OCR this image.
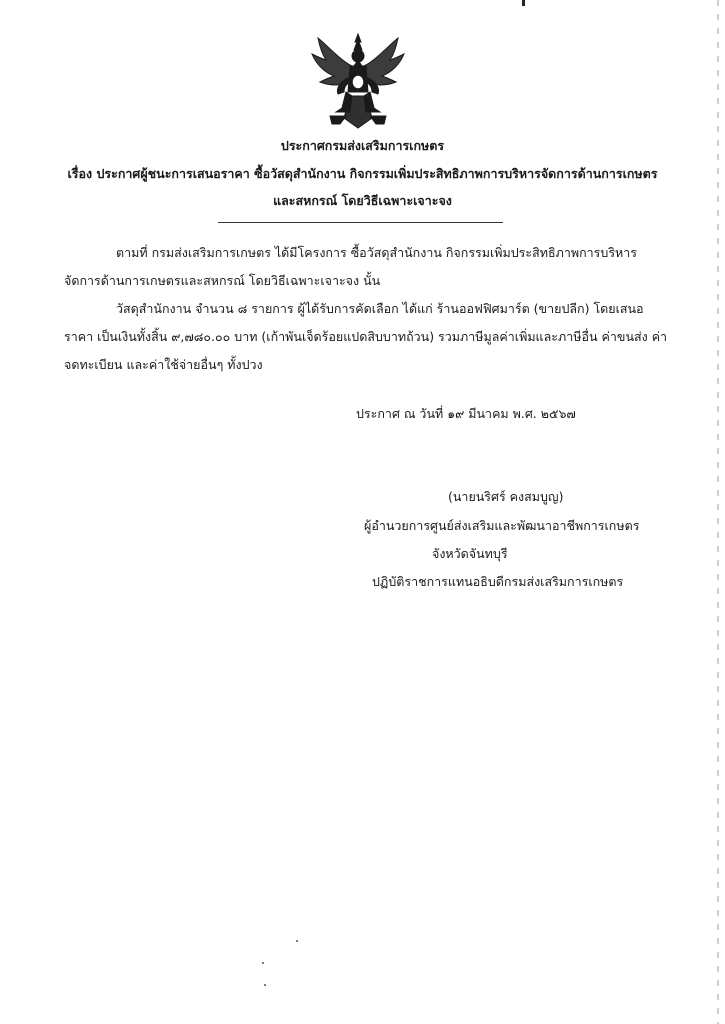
ประกาศกรมส่งเสริมการเกษตร
เรื่อง ประกาศผู้ชนะการเสนอราคา ซื้อวัสดุสำนักงาน กิจกรรมเพิ่มประสิทธิภาพการบริหารจัดการด้านการเกษตร
และสหกรณ์ โดยวิธีเฉพาะเจาะจง
ตามที่ กรมส่งเสริมการเกษตร ได้มีโครงการ ซื้อวัสดุสำนักงาน กิจกรรมเพิ่มประสิทธิภาพการบริหาร
จัดการด้านการเกษตรและสหกรณ์ โดยวิธีเฉพาะเจาะจง นั้น
วัสดุสำนักงาน จำนวน ๘ รายการ ผู้ได้รับการคัดเลือก ได้แก่ ร้านออฟฟิศมาร์ต (ขายปลีก) โดยเสนอ
ราคา เป็นเงินทั้งสิ้น ๙,๗๘๐.๐๐ บาท (เก้าพันเจ็ดร้อยแปดสิบบาทถ้วน) รวมภาษีมูลค่าเพิ่มและภาษีอื่น ค่าขนส่ง ค่า
จดทะเบียน และค่าใช้จ่ายอื่นๆ ทั้งปวง
ประกาศ ณ วันที่ ๑๙ มีนาคม พ.ศ. ๒๕๖๗
(นายนริศร์ คงสมบูญ)
ผู้อำนวยการศูนย์ส่งเสริมและพัฒนาอาชีพการเกษตร
จังหวัดจันทบุรี
ปฏิบัติราชการแทนอธิบดีกรมส่งเสริมการเกษตร
